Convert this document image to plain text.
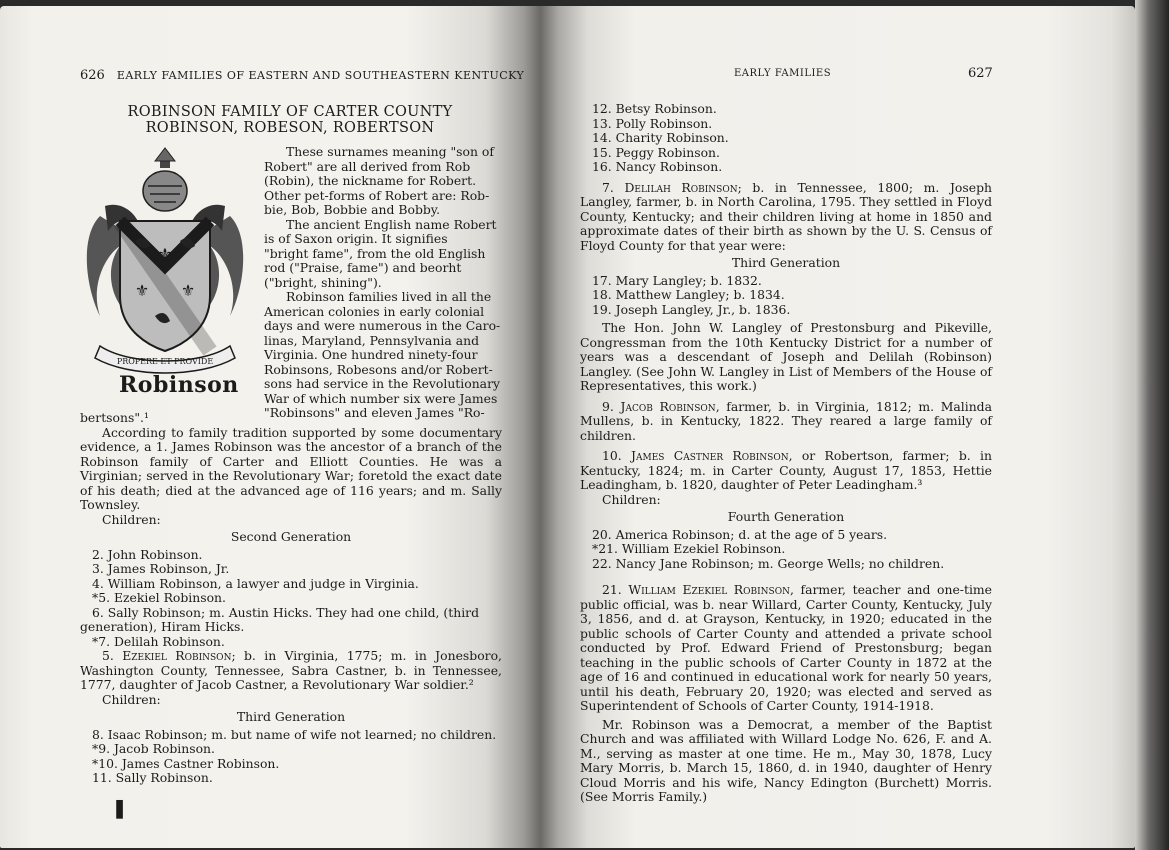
626 EARLY FAMILIES OF EASTERN AND SOUTHEASTERN KENTUCKY
ROBINSON FAMILY OF CARTER COUNTY
ROBINSON, ROBESON, ROBERTSON
⚜
⚜ ⚜
PROPERE ET PROVIDE
Robinson

These surnames meaning "son of

Robert" are all derived from Rob

(Robin), the nickname for Robert.

Other pet-forms of Robert are: Rob-

bie, Bob, Bobbie and Bobby.

The ancient English name Robert

is of Saxon origin. It signifies

"bright fame", from the old English

rod ("Praise, fame") and beorht

("bright, shining").

Robinson families lived in all the

American colonies in early colonial

days and were numerous in the Caro-

linas, Maryland, Pennsylvania and

Virginia. One hundred ninety-four

Robinsons, Robesons and/or Robert-

sons had service in the Revolutionary

War of which number six were James

"Robinsons" and eleven James "Ro-

bertsons".¹

According to family tradition supported by some documentary evidence, a 1. James Robinson was the ancestor of a branch of the Robinson family of Carter and Elliott Counties. He was a Virginian; served in the Revolutionary War; foretold the exact date of his death; died at the advanced age of 116 years; and m. Sally Townsley.

Children:

Second Generation

2. John Robinson.

3. James Robinson, Jr.

4. William Robinson, a lawyer and judge in Virginia.

*5. Ezekiel Robinson.

6. Sally Robinson; m. Austin Hicks. They had one child, (third

generation), Hiram Hicks.

*7. Delilah Robinson.

5. Ezekiel Robinson; b. in Virginia, 1775; m. in Jonesboro, Washington County, Tennessee, Sabra Castner, b. in Tennessee, 1777, daughter of Jacob Castner, a Revolutionary War soldier.²

Children:

Third Generation

8. Isaac Robinson; m. but name of wife not learned; no children.

*9. Jacob Robinson.

*10. James Castner Robinson.

11. Sally Robinson.

❚
EARLY FAMILIES	627

12. Betsy Robinson.

13. Polly Robinson.

14. Charity Robinson.

15. Peggy Robinson.

16. Nancy Robinson.

7. Delilah Robinson; b. in Tennessee, 1800; m. Joseph Langley, farmer, b. in North Carolina, 1795. They settled in Floyd County, Kentucky; and their children living at home in 1850 and approximate dates of their birth as shown by the U. S. Census of Floyd County for that year were:

Third Generation

17. Mary Langley; b. 1832.

18. Matthew Langley; b. 1834.

19. Joseph Langley, Jr., b. 1836.

The Hon. John W. Langley of Prestonsburg and Pikeville, Congressman from the 10th Kentucky District for a number of years was a descendant of Joseph and Delilah (Robinson) Langley. (See John W. Langley in List of Members of the House of Representatives, this work.)

9. Jacob Robinson, farmer, b. in Virginia, 1812; m. Malinda Mullens, b. in Kentucky, 1822. They reared a large family of children.

10. James Castner Robinson, or Robertson, farmer; b. in Kentucky, 1824; m. in Carter County, August 17, 1853, Hettie Leadingham, b. 1820, daughter of Peter Leadingham.³

Children:

Fourth Generation

20. America Robinson; d. at the age of 5 years.

*21. William Ezekiel Robinson.

22. Nancy Jane Robinson; m. George Wells; no children.

21. William Ezekiel Robinson, farmer, teacher and one-time public official, was b. near Willard, Carter County, Kentucky, July 3, 1856, and d. at Grayson, Kentucky, in 1920; educated in the public schools of Carter County and attended a private school conducted by Prof. Edward Friend of Prestonsburg; began teaching in the public schools of Carter County in 1872 at the age of 16 and continued in educational work for nearly 50 years, until his death, February 20, 1920; was elected and served as Superintendent of Schools of Carter County, 1914-1918.

Mr. Robinson was a Democrat, a member of the Baptist Church and was affiliated with Willard Lodge No. 626, F. and A. M., serving as master at one time. He m., May 30, 1878, Lucy Mary Morris, b. March 15, 1860, d. in 1940, daughter of Henry Cloud Morris and his wife, Nancy Edington (Burchett) Morris. (See Morris Family.)
